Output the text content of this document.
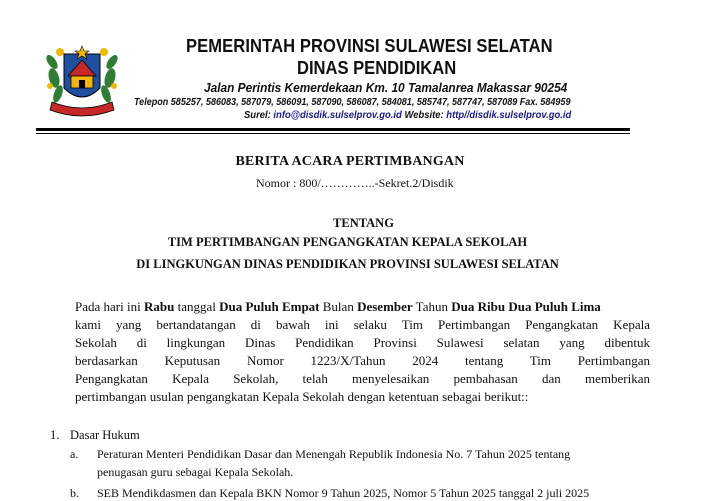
PEMERINTAH PROVINSI SULAWESI SELATAN
DINAS PENDIDIKAN
Jalan Perintis Kemerdekaan Km. 10 Tamalanrea Makassar 90254
Telepon 585257, 586083, 587079, 586091, 587090, 586087, 584081, 585747, 587747, 587089 Fax. 584959
Surel: info@disdik.sulselprov.go.id Website: http//disdik.sulselprov.go.id
BERITA ACARA PERTIMBANGAN
Nomor : 800/…………..-Sekret.2/Disdik
TENTANG
TIM PERTIMBANGAN PENGANGKATAN KEPALA SEKOLAH
DI LINGKUNGAN DINAS PENDIDIKAN PROVINSI SULAWESI SELATAN
Pada hari ini Rabu tanggal Dua Puluh Empat Bulan Desember Tahun Dua Ribu Dua Puluh Lima
kami yang bertandatangan di bawah ini selaku Tim Pertimbangan Pengangkatan Kepala
Sekolah di lingkungan Dinas Pendidikan Provinsi Sulawesi selatan yang dibentuk
berdasarkan Keputusan Nomor 1223/X/Tahun 2024 tentang Tim Pertimbangan
Pengangkatan Kepala Sekolah, telah menyelesaikan pembahasan dan memberikan
pertimbangan usulan pengangkatan Kepala Sekolah dengan ketentuan sebagai berikut::
1. Dasar Hukum
a. Peraturan Menteri Pendidikan Dasar dan Menengah Republik Indonesia No. 7 Tahun 2025 tentang
penugasan guru sebagai Kepala Sekolah.
b. SEB Mendikdasmen dan Kepala BKN Nomor 9 Tahun 2025, Nomor 5 Tahun 2025 tanggal 2 juli 2025
